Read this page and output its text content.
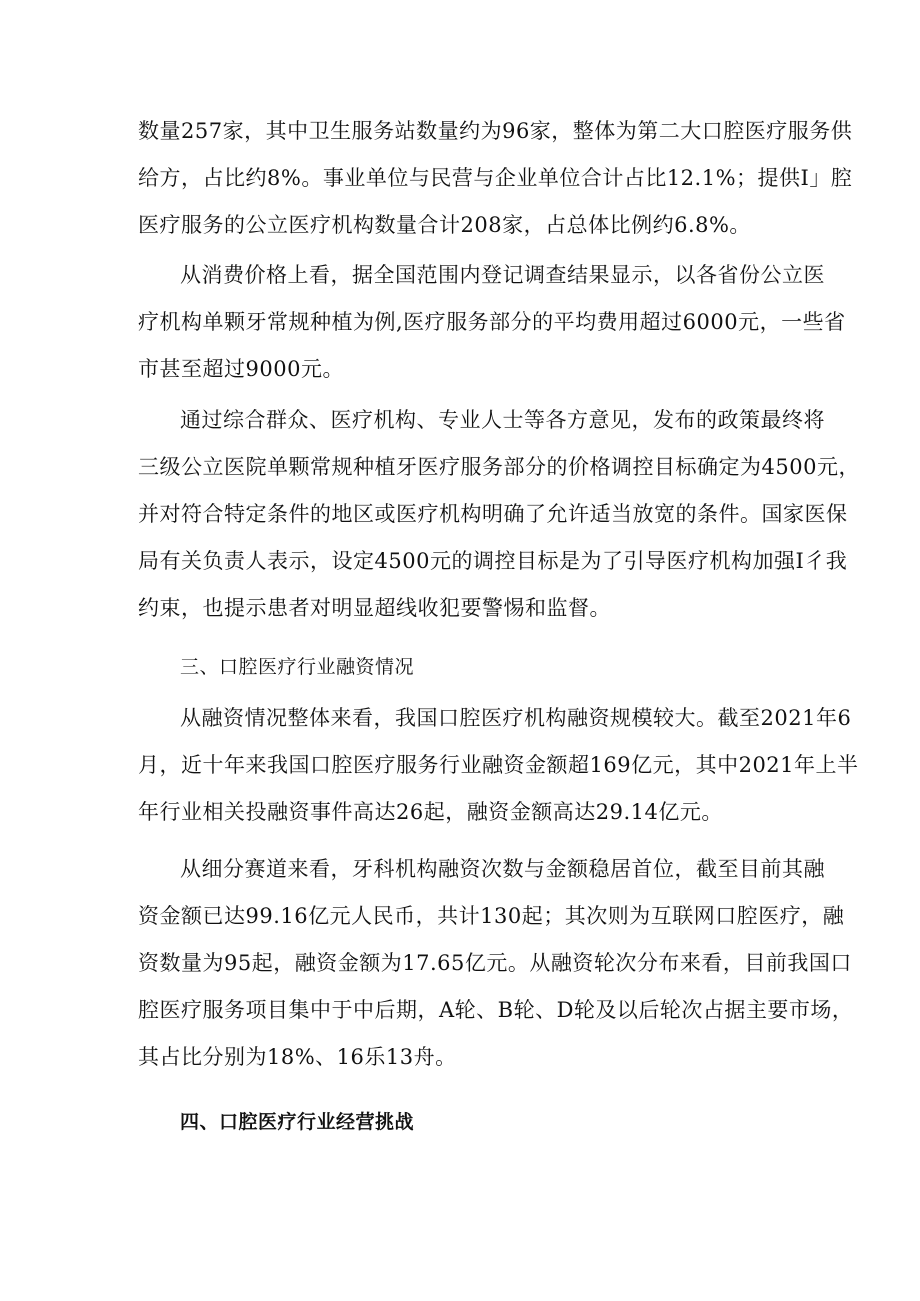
数量257家，其中卫生服务站数量约为96家，整体为第二大口腔医疗服务供
给方，占比约8%。事业单位与民营与企业单位合计占比12.1%；提供I」腔
医疗服务的公立医疗机构数量合计208家，占总体比例约6.8%。
从消费价格上看，据全国范围内登记调查结果显示，以各省份公立医
疗机构单颗牙常规种植为例,医疗服务部分的平均费用超过6000元，一些省
市甚至超过9000元。
通过综合群众、医疗机构、专业人士等各方意见，发布的政策最终将
三级公立医院单颗常规种植牙医疗服务部分的价格调控目标确定为4500元，
并对符合特定条件的地区或医疗机构明确了允许适当放宽的条件。国家医保
局有关负责人表示，设定4500元的调控目标是为了引导医疗机构加强I彳我
约束，也提示患者对明显超线收犯要警惕和监督。
三、口腔医疗行业融资情况
从融资情况整体来看，我国口腔医疗机构融资规模较大。截至2021年6
月，近十年来我国口腔医疗服务行业融资金额超169亿元，其中2021年上半
年行业相关投融资事件高达26起，融资金额高达29.14亿元。
从细分赛道来看，牙科机构融资次数与金额稳居首位，截至目前其融
资金额已达99.16亿元人民币，共计130起；其次则为互联网口腔医疗，融
资数量为95起，融资金额为17.65亿元。从融资轮次分布来看，目前我国口
腔医疗服务项目集中于中后期，A轮、B轮、D轮及以后轮次占据主要市场，
其占比分别为18%、16乐13舟。
四、口腔医疗行业经营挑战
